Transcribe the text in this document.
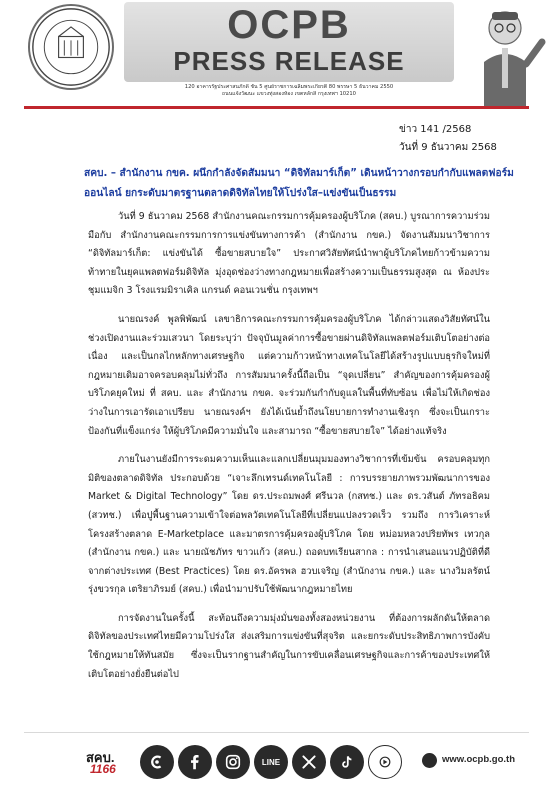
OCPB
PRESS RELEASE
120 อาคารรัฐประศาสนภักดี ชั้น 5 ศูนย์ราชการเฉลิมพระเกียรติ 80 พรรษา 5 ธันวาคม 2550
ถนนแจ้งวัฒนะ แขวงทุ่งสองห้อง เขตหลักสี่ กรุงเทพฯ 10210
ข่าว 141 /2568
วันที่ 9 ธันวาคม 2568
สคบ. – สำนักงาน กขค. ผนึกกำลังจัดสัมมนา “ดิจิทัลมาร์เก็ต” เดินหน้าวางกรอบกำกับแพลตฟอร์ม
ออนไลน์ ยกระดับมาตรฐานตลาดดิจิทัลไทยให้โปร่งใส–แข่งขันเป็นธรรม

วันที่ 9 ธันวาคม 2568 สำนักงานคณะกรรมการคุ้มครองผู้บริโภค (สคบ.) บูรณาการความร่วมมือกับ สำนักงานคณะกรรมการการแข่งขันทางการค้า (สำนักงาน กขค.) จัดงานสัมมนาวิชาการ “ดิจิทัลมาร์เก็ต: แข่งขันได้ ซื้อขายสบายใจ” ประกาศวิสัยทัศน์นำพาผู้บริโภคไทยก้าวข้ามความท้าทายในยุคแพลตฟอร์มดิจิทัล มุ่งอุดช่องว่างทางกฎหมายเพื่อสร้างความเป็นธรรมสูงสุด ณ ห้องประชุมแมจิก 3 โรงแรมมิราเคิล แกรนด์ คอนเวนชั่น กรุงเทพฯ

นายณรงค์ พูลพิพัฒน์ เลขาธิการคณะกรรมการคุ้มครองผู้บริโภค ได้กล่าวแสดงวิสัยทัศน์ในช่วงเปิดงานและร่วมเสวนา โดยระบุว่า ปัจจุบันมูลค่าการซื้อขายผ่านดิจิทัลแพลตฟอร์มเติบโตอย่างต่อเนื่อง และเป็นกลไกหลักทางเศรษฐกิจ แต่ความก้าวหน้าทางเทคโนโลยีได้สร้างรูปแบบธุรกิจใหม่ที่กฎหมายเดิมอาจครอบคลุมไม่ทั่วถึง การสัมมนาครั้งนี้ถือเป็น “จุดเปลี่ยน” สำคัญของการคุ้มครองผู้บริโภคยุคใหม่ ที่ สคบ. และ สำนักงาน กขค. จะร่วมกันกำกับดูแลในพื้นที่ทับซ้อน เพื่อไม่ให้เกิดช่องว่างในการเอารัดเอาเปรียบ นายณรงค์ฯ ยังได้เน้นย้ำถึงนโยบายการทำงานเชิงรุก ซึ่งจะเป็นเกราะป้องกันที่แข็งแกร่ง ให้ผู้บริโภคมีความมั่นใจ และสามารถ “ซื้อขายสบายใจ” ได้อย่างแท้จริง

ภายในงานยังมีการระดมความเห็นและแลกเปลี่ยนมุมมองทางวิชาการที่เข้มข้น ครอบคลุมทุกมิติของตลาดดิจิทัล ประกอบด้วย “เจาะลึกเทรนด์เทคโนโลยี : การบรรยายภาพรวมพัฒนาการของ Market & Digital Technology” โดย ดร.ประถมพงศ์ ศรีนวล (กสทช.) และ ดร.วสันต์ ภัทรอธิคม (สวทช.) เพื่อปูพื้นฐานความเข้าใจต่อพลวัตเทคโนโลยีที่เปลี่ยนแปลงรวดเร็ว รวมถึง การวิเคราะห์โครงสร้างตลาด E-Marketplace และมาตรการคุ้มครองผู้บริโภค โดย หม่อมหลวงปริยทัพร เทวกุล (สำนักงาน กขค.) และ นายณัชภัทร ขาวแก้ว (สคบ.) ถอดบทเรียนสากล : การนำเสนอแนวปฏิบัติที่ดีจากต่างประเทศ (Best Practices) โดย ดร.อัครพล ฮวบเจริญ (สำนักงาน กขค.) และ นางวิมลรัตน์ รุ่งขวรกุล เตริยาภิรมย์ (สคบ.) เพื่อนำมาปรับใช้พัฒนากฎหมายไทย

การจัดงานในครั้งนี้ สะท้อนถึงความมุ่งมั่นของทั้งสองหน่วยงาน ที่ต้องการผลักดันให้ตลาดดิจิทัลของประเทศไทยมีความโปร่งใส ส่งเสริมการแข่งขันที่สุจริต และยกระดับประสิทธิภาพการบังคับใช้กฎหมายให้ทันสมัย ซึ่งจะเป็นรากฐานสำคัญในการขับเคลื่อนเศรษฐกิจและการค้าของประเทศให้เติบโตอย่างยั่งยืนต่อไป

สคบ.
1166	LINE	www.ocpb.go.th
